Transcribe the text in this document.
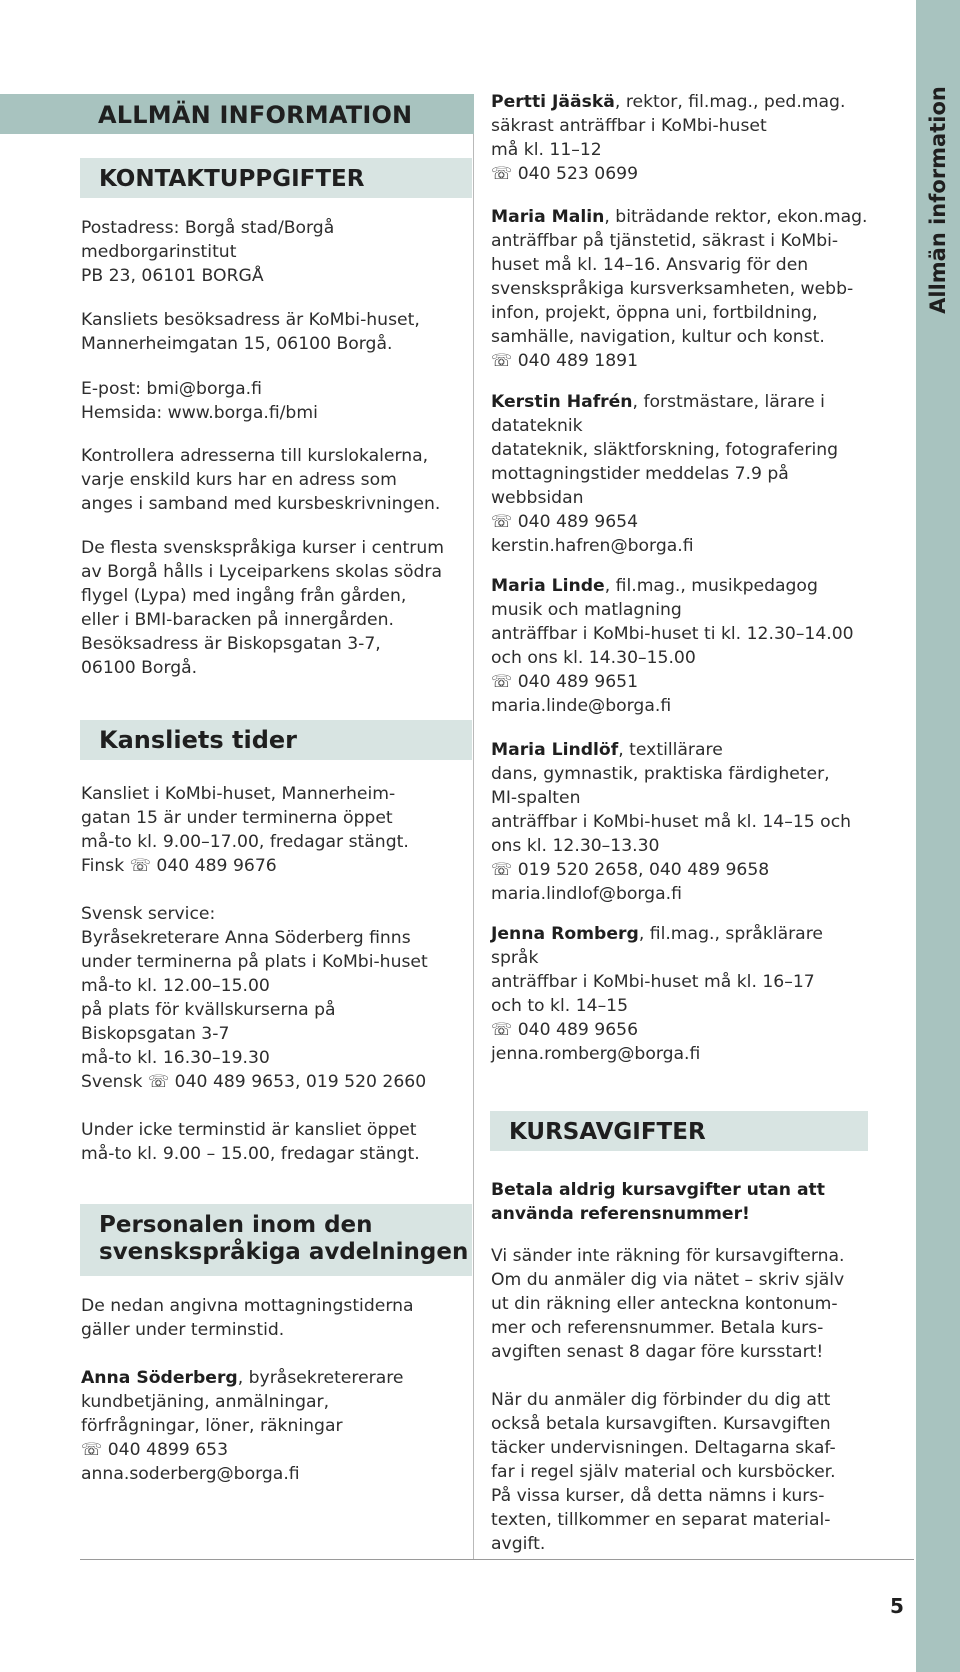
Allmän information
ALLMÄN INFORMATION
KONTAKTUPPGIFTER
Postadress: Borgå stad/Borgå
medborgarinstitut
PB 23, 06101 BORGÅ
Kansliets besöksadress är KoMbi-huset,
Mannerheimgatan 15, 06100 Borgå.
E-post: bmi@borga.fi
Hemsida: www.borga.fi/bmi
Kontrollera adresserna till kurslokalerna,
varje enskild kurs har en adress som
anges i samband med kursbeskrivningen.
De flesta svenskspråkiga kurser i centrum
av Borgå hålls i Lyceiparkens skolas södra
flygel (Lypa) med ingång från gården,
eller i BMI-baracken på innergården.
Besöksadress är Biskopsgatan 3-7,
06100 Borgå.
Kansliets tider
Kansliet i KoMbi-huset, Mannerheim-
gatan 15 är under terminerna öppet
må-to kl. 9.00–17.00, fredagar stängt.
Finsk ☏ 040 489 9676
Svensk service:
Byråsekreterare Anna Söderberg finns
under terminerna på plats i KoMbi-huset
må-to kl. 12.00–15.00
på plats för kvällskurserna på
Biskopsgatan 3-7
må-to kl. 16.30–19.30
Svensk ☏ 040 489 9653, 019 520 2660
Under icke terminstid är kansliet öppet
må-to kl. 9.00 – 15.00, fredagar stängt.
Personalen inom den
svenskspråkiga avdelningen
De nedan angivna mottagningstiderna
gäller under terminstid.
Anna Söderberg, byråsekretererare
kundbetjäning, anmälningar,
förfrågningar, löner, räkningar
☏ 040 4899 653
anna.soderberg@borga.fi
Pertti Jääskä, rektor, fil.mag., ped.mag.
säkrast anträffbar i KoMbi-huset
må kl. 11–12
☏ 040 523 0699
Maria Malin, biträdande rektor, ekon.mag.
anträffbar på tjänstetid, säkrast i KoMbi-
huset må kl. 14–16. Ansvarig för den
svenskspråkiga kursverksamheten, webb-
infon, projekt, öppna uni, fortbildning,
samhälle, navigation, kultur och konst.
☏ 040 489 1891
Kerstin Hafrén, forstmästare, lärare i
datateknik
datateknik, släktforskning, fotografering
mottagningstider meddelas 7.9 på
webbsidan
☏ 040 489 9654
kerstin.hafren@borga.fi
Maria Linde, fil.mag., musikpedagog
musik och matlagning
anträffbar i KoMbi-huset ti kl. 12.30–14.00
och ons kl. 14.30–15.00
☏ 040 489 9651
maria.linde@borga.fi
Maria Lindlöf, textillärare
dans, gymnastik, praktiska färdigheter,
MI-spalten
anträffbar i KoMbi-huset må kl. 14–15 och
ons kl. 12.30–13.30
☏ 019 520 2658, 040 489 9658
maria.lindlof@borga.fi
Jenna Romberg, fil.mag., språklärare
språk
anträffbar i KoMbi-huset må kl. 16–17
och to kl. 14–15
☏ 040 489 9656
jenna.romberg@borga.fi
KURSAVGIFTER
Betala aldrig kursavgifter utan att
använda referensnummer!
Vi sänder inte räkning för kursavgifterna.
Om du anmäler dig via nätet – skriv själv
ut din räkning eller anteckna kontonum-
mer och referensnummer. Betala kurs-
avgiften senast 8 dagar före kursstart!
När du anmäler dig förbinder du dig att
också betala kursavgiften. Kursavgiften
täcker undervisningen. Deltagarna skaf-
far i regel själv material och kursböcker.
På vissa kurser, då detta nämns i kurs-
texten, tillkommer en separat material-
avgift.
5
